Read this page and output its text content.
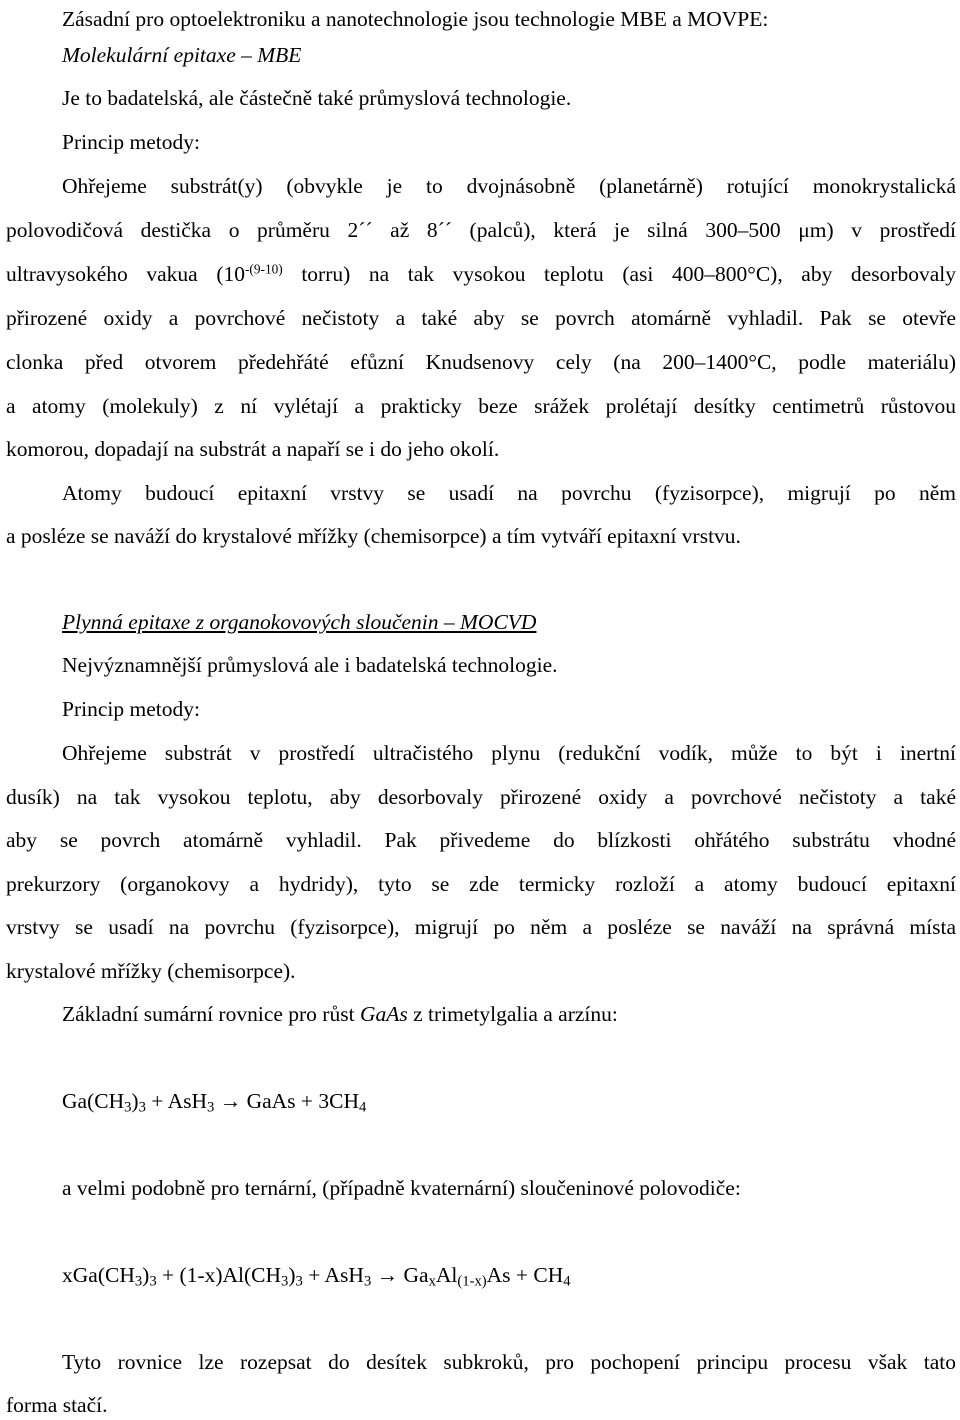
Zásadní pro optoelektroniku a nanotechnologie jsou technologie MBE a MOVPE:
Molekulární epitaxe – MBE
Je to badatelská, ale částečně také průmyslová technologie.
Princip metody:
Ohřejeme substrát(y) (obvykle je to dvojnásobně (planetárně) rotující monokrystalická
polovodičová destička o průměru 2´´ až 8´´ (palců), která je silná 300–500 μm) v prostředí
ultravysokého vakua ($10^{-(9-10)}$ torru) na tak vysokou teplotu (asi 400–800°C), aby desorbovaly
přirozené oxidy a povrchové nečistoty a také aby se povrch atomárně vyhladil. Pak se otevře
clonka před otvorem předehřáté efůzní Knudsenovy cely (na 200–1400°C, podle materiálu)
a atomy (molekuly) z ní vylétají a prakticky beze srážek prolétají desítky centimetrů růstovou
komorou, dopadají na substrát a napaří se i do jeho okolí.
Atomy budoucí epitaxní vrstvy se usadí na povrchu (fyzisorpce), migrují po něm
a posléze se naváží do krystalové mřížky (chemisorpce) a tím vytváří epitaxní vrstvu.
Plynná epitaxe z organokovových sloučenin – MOCVD
Nejvýznamnější průmyslová ale i badatelská technologie.
Princip metody:
Ohřejeme substrát v prostředí ultračistého plynu (redukční vodík, může to být i inertní
dusík) na tak vysokou teplotu, aby desorbovaly přirozené oxidy a povrchové nečistoty a také
aby se povrch atomárně vyhladil. Pak přivedeme do blízkosti ohřátého substrátu vhodné
prekurzory (organokovy a hydridy), tyto se zde termicky rozloží a atomy budoucí epitaxní
vrstvy se usadí na povrchu (fyzisorpce), migrují po něm a posléze se naváží na správná místa
krystalové mřížky (chemisorpce).
Základní sumární rovnice pro růst GaAs z trimetylgalia a arzínu:
$Ga(CH_3)_3 + AsH_3$ → GaAs + $3CH_4$
a velmi podobně pro ternární, (případně kvaternární) sloučeninové polovodiče:
$xGa(CH_3)_3 + (1-x)Al(CH_3)_3 + AsH_3 \to Ga_xAl_{(1-x)}As + CH_4$
Tyto rovnice lze rozepsat do desítek subkroků, pro pochopení principu procesu však tato
forma stačí.
